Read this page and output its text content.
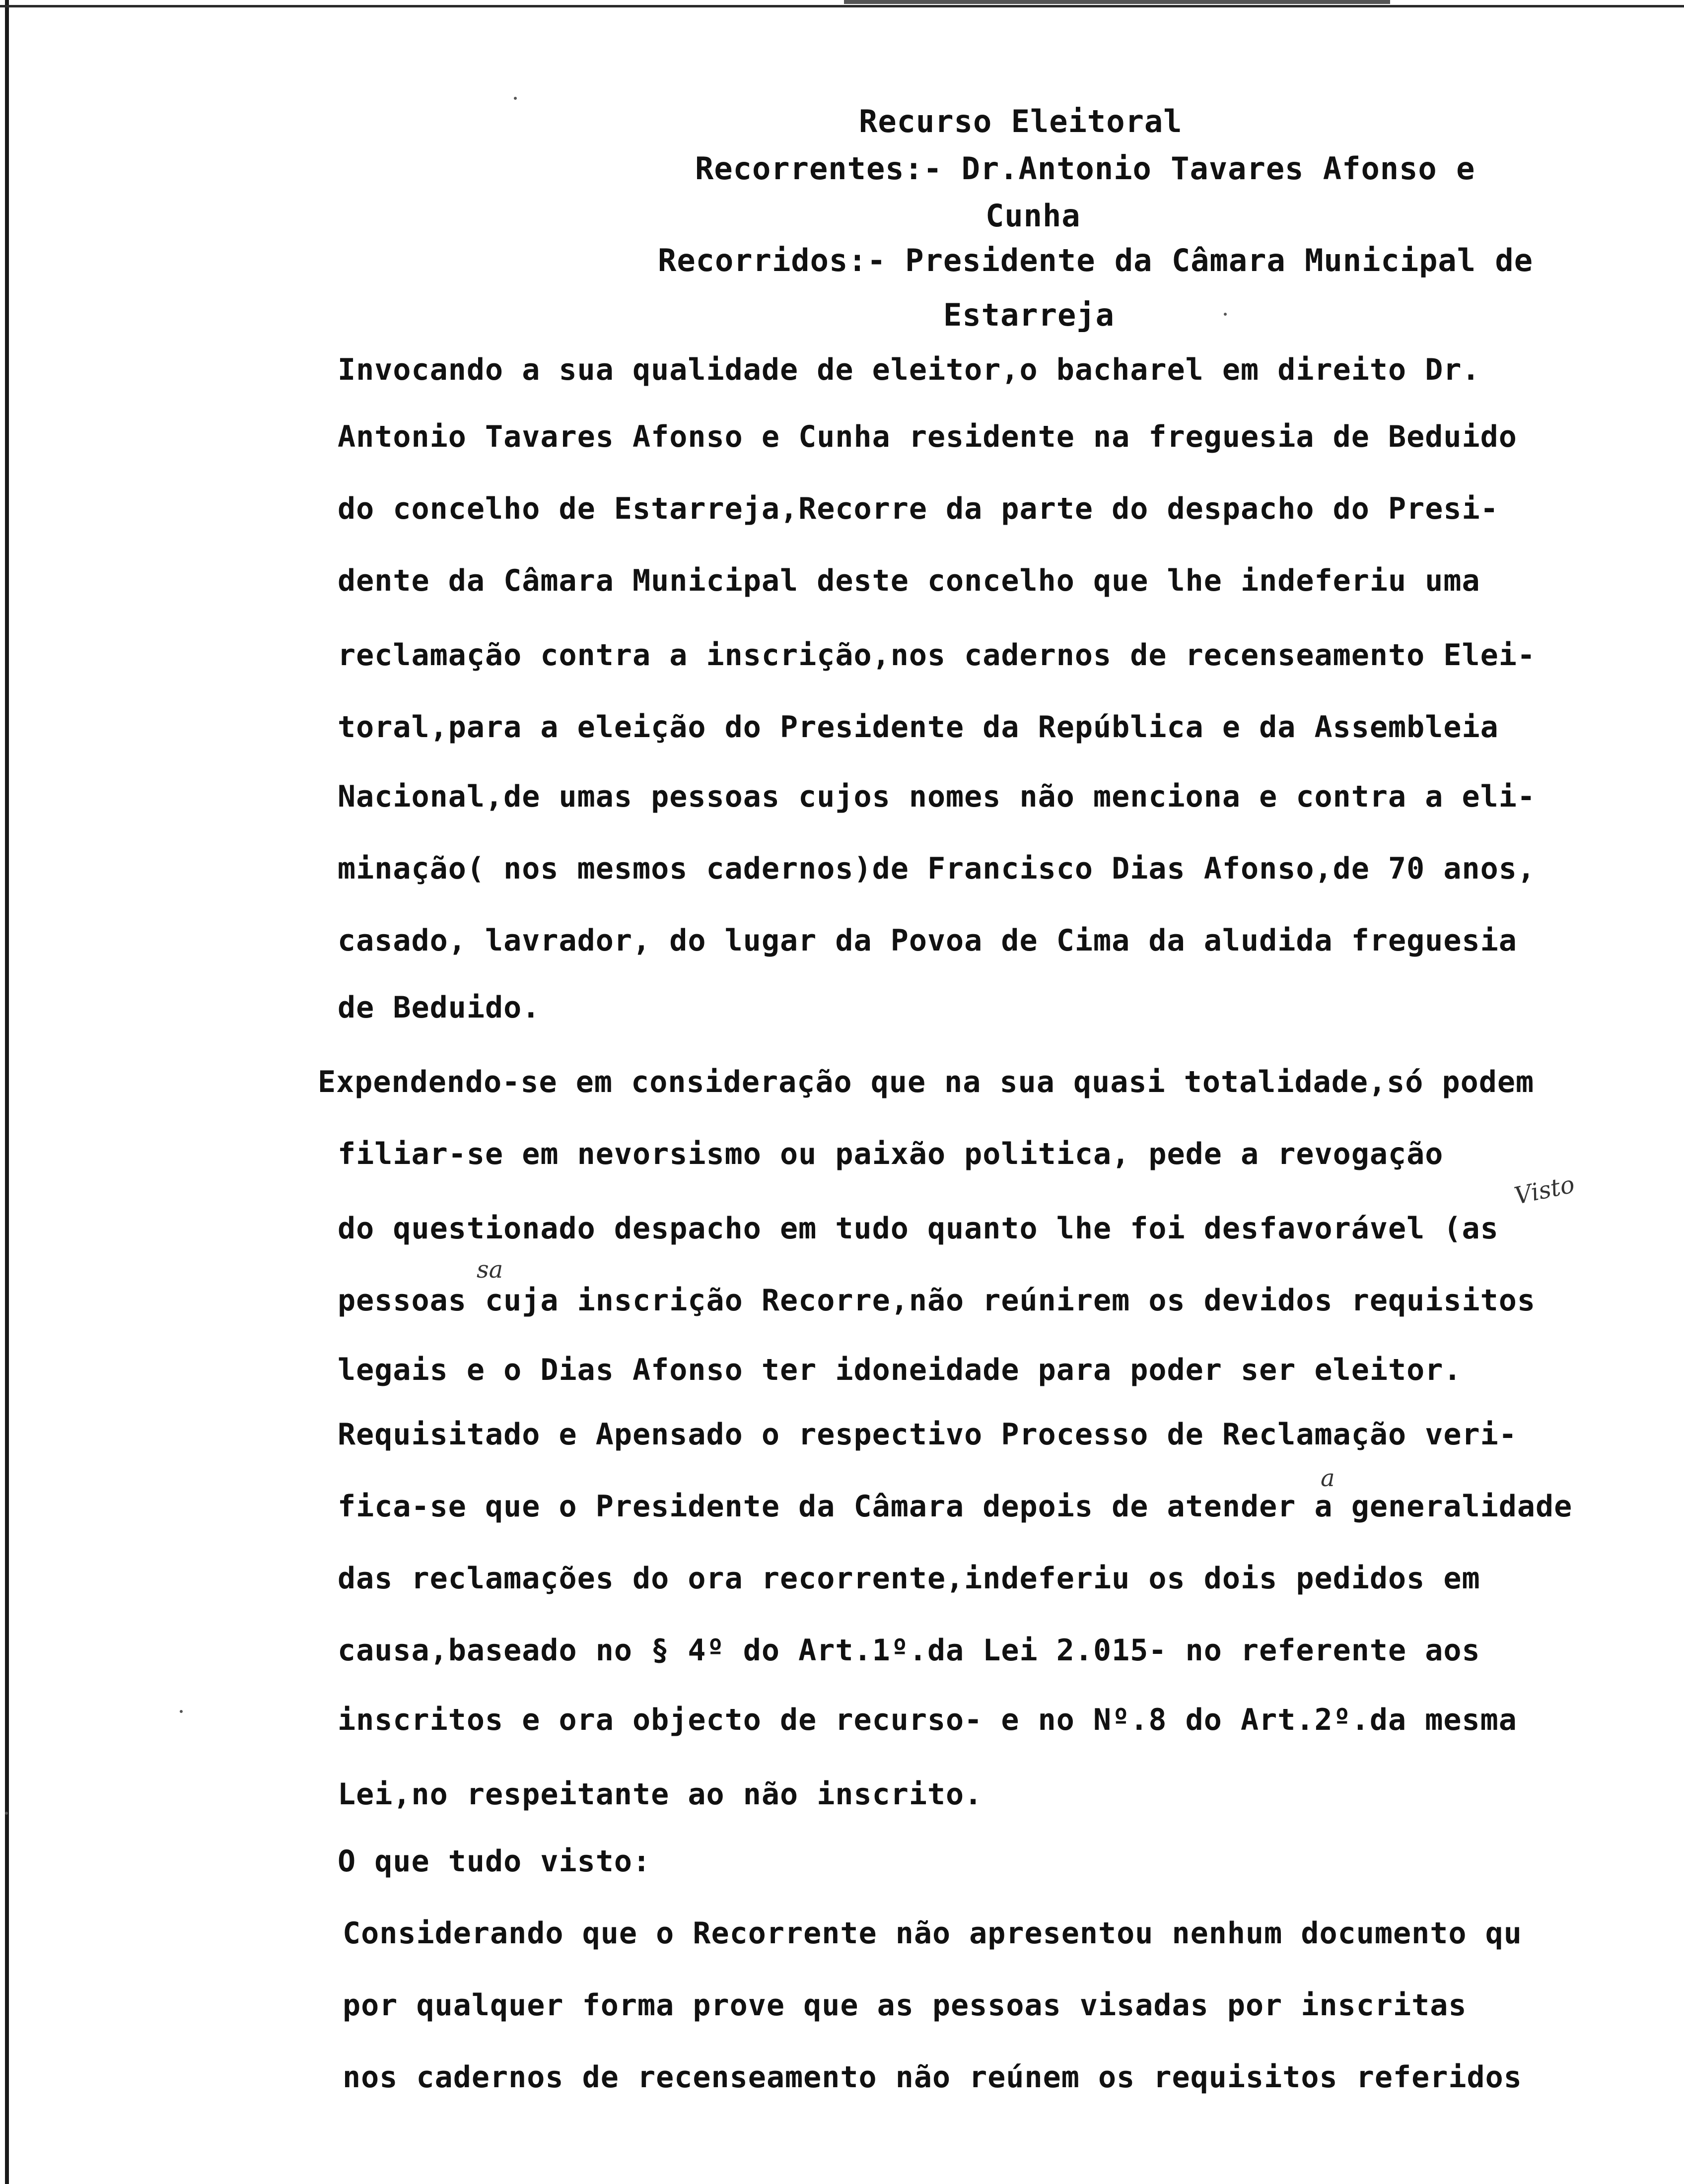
Recurso Eleitoral
Recorrentes:- Dr.Antonio Tavares Afonso e
Cunha
Recorridos:- Presidente da Câmara Municipal de
Estarreja
Invocando a sua qualidade de eleitor,o bacharel em direito Dr.
Antonio Tavares Afonso e Cunha residente na freguesia de Beduido
do concelho de Estarreja,Recorre da parte do despacho do Presi-
dente da Câmara Municipal deste concelho que lhe indeferiu uma
reclamação contra a inscrição,nos cadernos de recenseamento Elei-
toral,para a eleição do Presidente da República e da Assembleia
Nacional,de umas pessoas cujos nomes não menciona e contra a eli-
minação( nos mesmos cadernos)de Francisco Dias Afonso,de 70 anos,
casado, lavrador, do lugar da Povoa de Cima da aludida freguesia
de Beduido.
Expendendo-se em consideração que na sua quasi totalidade,só podem
filiar-se em nevorsismo ou paixão politica, pede a revogação
do questionado despacho em tudo quanto lhe foi desfavorável (as
pessoas cuja inscrição Recorre,não reúnirem os devidos requisitos
legais e o Dias Afonso ter idoneidade para poder ser eleitor.
Requisitado e Apensado o respectivo Processo de Reclamação veri-
fica-se que o Presidente da Câmara depois de atender a generalidade
das reclamações do ora recorrente,indeferiu os dois pedidos em
causa,baseado no § 4º do Art.1º.da Lei 2.015- no referente aos
inscritos e ora objecto de recurso- e no Nº.8 do Art.2º.da mesma
Lei,no respeitante ao não inscrito.
O que tudo visto:
Considerando que o Recorrente não apresentou nenhum documento qu
por qualquer forma prove que as pessoas visadas por inscritas
nos cadernos de recenseamento não reúnem os requisitos referidos
Visto
sa
a
